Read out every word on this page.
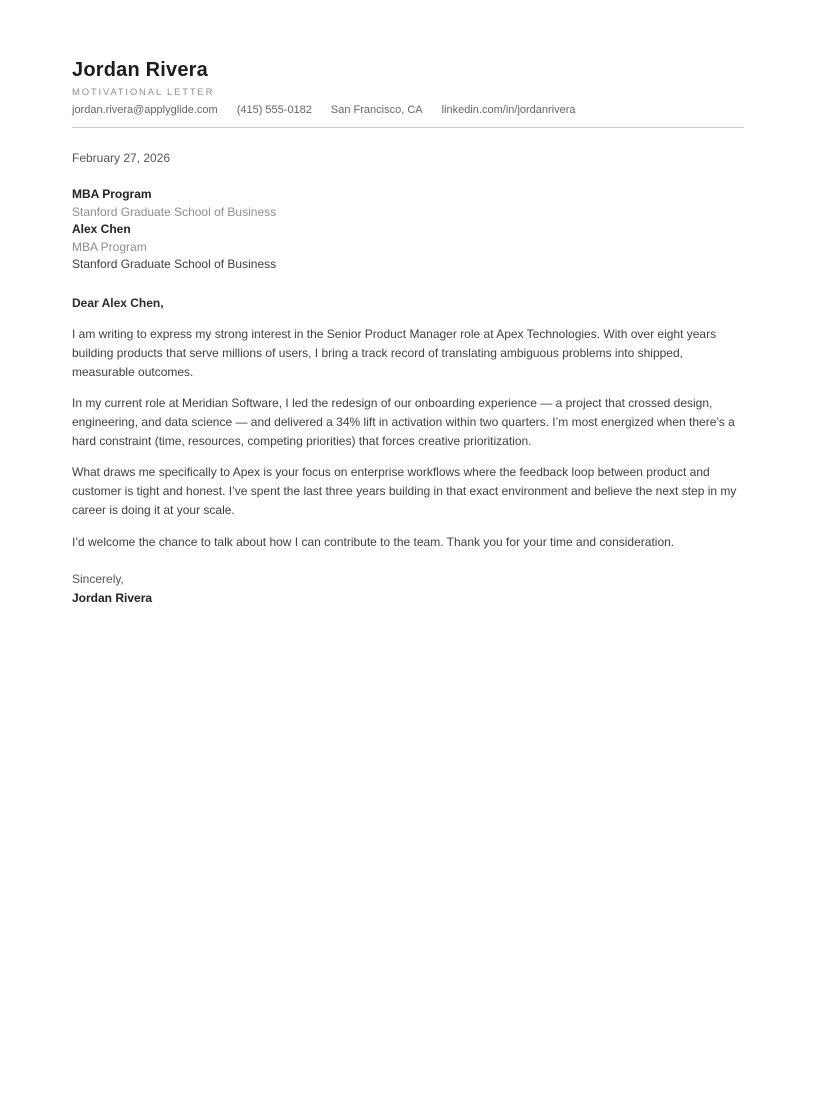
Jordan Rivera
MOTIVATIONAL LETTER
jordan.rivera@applyglide.com (415) 555-0182 San Francisco, CA linkedin.com/in/jordanrivera
February 27, 2026
MBA Program
Stanford Graduate School of Business
Alex Chen
MBA Program
Stanford Graduate School of Business
Dear Alex Chen,

I am writing to express my strong interest in the Senior Product Manager role at Apex Technologies. With over eight years building products that serve millions of users, I bring a track record of translating ambiguous problems into shipped, measurable outcomes.

In my current role at Meridian Software, I led the redesign of our onboarding experience — a project that crossed design, engineering, and data science — and delivered a 34% lift in activation within two quarters. I’m most energized when there’s a hard constraint (time, resources, competing priorities) that forces creative prioritization.

What draws me specifically to Apex is your focus on enterprise workflows where the feedback loop between product and customer is tight and honest. I’ve spent the last three years building in that exact environment and believe the next step in my career is doing it at your scale.

I’d welcome the chance to talk about how I can contribute to the team. Thank you for your time and consideration.

Sincerely,
Jordan Rivera
